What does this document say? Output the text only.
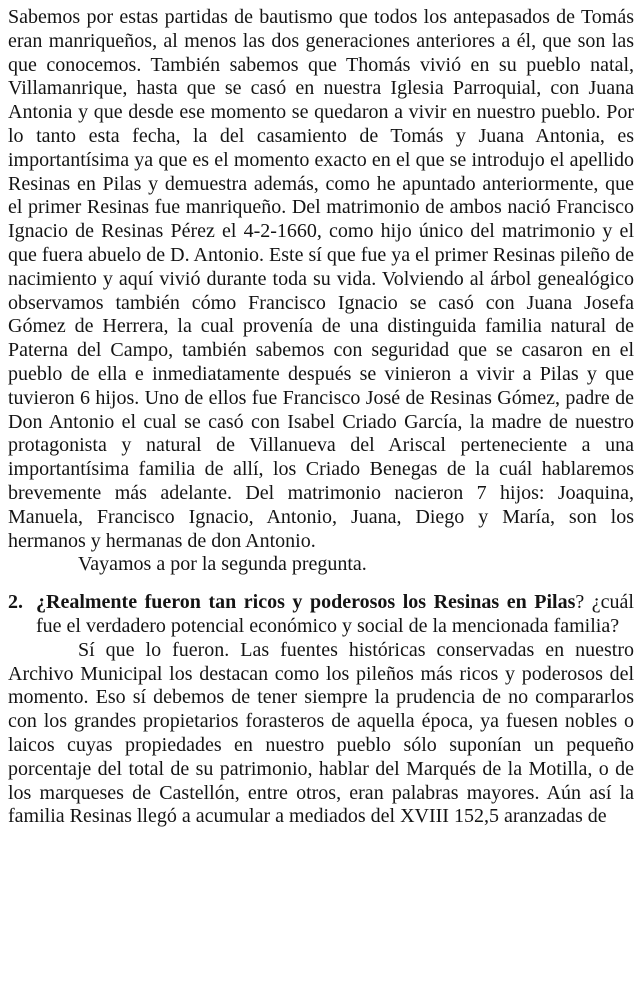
Sabemos por estas partidas de bautismo que todos los antepasados de Tomás eran manriqueños, al menos las dos generaciones anteriores a él, que son las que conocemos. También sabemos que Thomás vivió en su pueblo natal, Villamanrique, hasta que se casó en nuestra Iglesia Parroquial, con Juana Antonia y que desde ese momento se quedaron a vivir en nuestro pueblo. Por lo tanto esta fecha, la del casamiento de Tomás y Juana Antonia, es importantísima ya que es el momento exacto en el que se introdujo el apellido Resinas en Pilas y demuestra además, como he apuntado anteriormente, que el primer Resinas fue manriqueño. Del matrimonio de ambos nació Francisco Ignacio de Resinas Pérez el 4-2-1660, como hijo único del matrimonio y el que fuera abuelo de D. Antonio. Este sí que fue ya el primer Resinas pileño de nacimiento y aquí vivió durante toda su vida. Volviendo al árbol genealógico observamos también cómo Francisco Ignacio se casó con Juana Josefa Gómez de Herrera, la cual provenía de una distinguida familia natural de Paterna del Campo, también sabemos con seguridad que se casaron en el pueblo de ella e inmediatamente después se vinieron a vivir a Pilas y que tuvieron 6 hijos. Uno de ellos fue Francisco José de Resinas Gómez, padre de Don Antonio el cual se casó con Isabel Criado García, la madre de nuestro protagonista y natural de Villanueva del Ariscal perteneciente a una importantísima familia de allí, los Criado Benegas de la cuál hablaremos brevemente más adelante. Del matrimonio nacieron 7 hijos: Joaquina, Manuela, Francisco Ignacio, Antonio, Juana, Diego y María, son los hermanos y hermanas de don Antonio.

Vayamos a por la segunda pregunta.

2. ¿Realmente fueron tan ricos y poderosos los Resinas en Pilas? ¿cuál fue el verdadero potencial económico y social de la mencionada familia?

Sí que lo fueron. Las fuentes históricas conservadas en nuestro Archivo Municipal los destacan como los pileños más ricos y poderosos del momento. Eso sí debemos de tener siempre la prudencia de no compararlos con los grandes propietarios forasteros de aquella época, ya fuesen nobles o laicos cuyas propiedades en nuestro pueblo sólo suponían un pequeño porcentaje del total de su patrimonio, hablar del Marqués de la Motilla, o de los marqueses de Castellón, entre otros, eran palabras mayores. Aún así la familia Resinas llegó a acumular a mediados del XVIII 152,5 aranzadas de
